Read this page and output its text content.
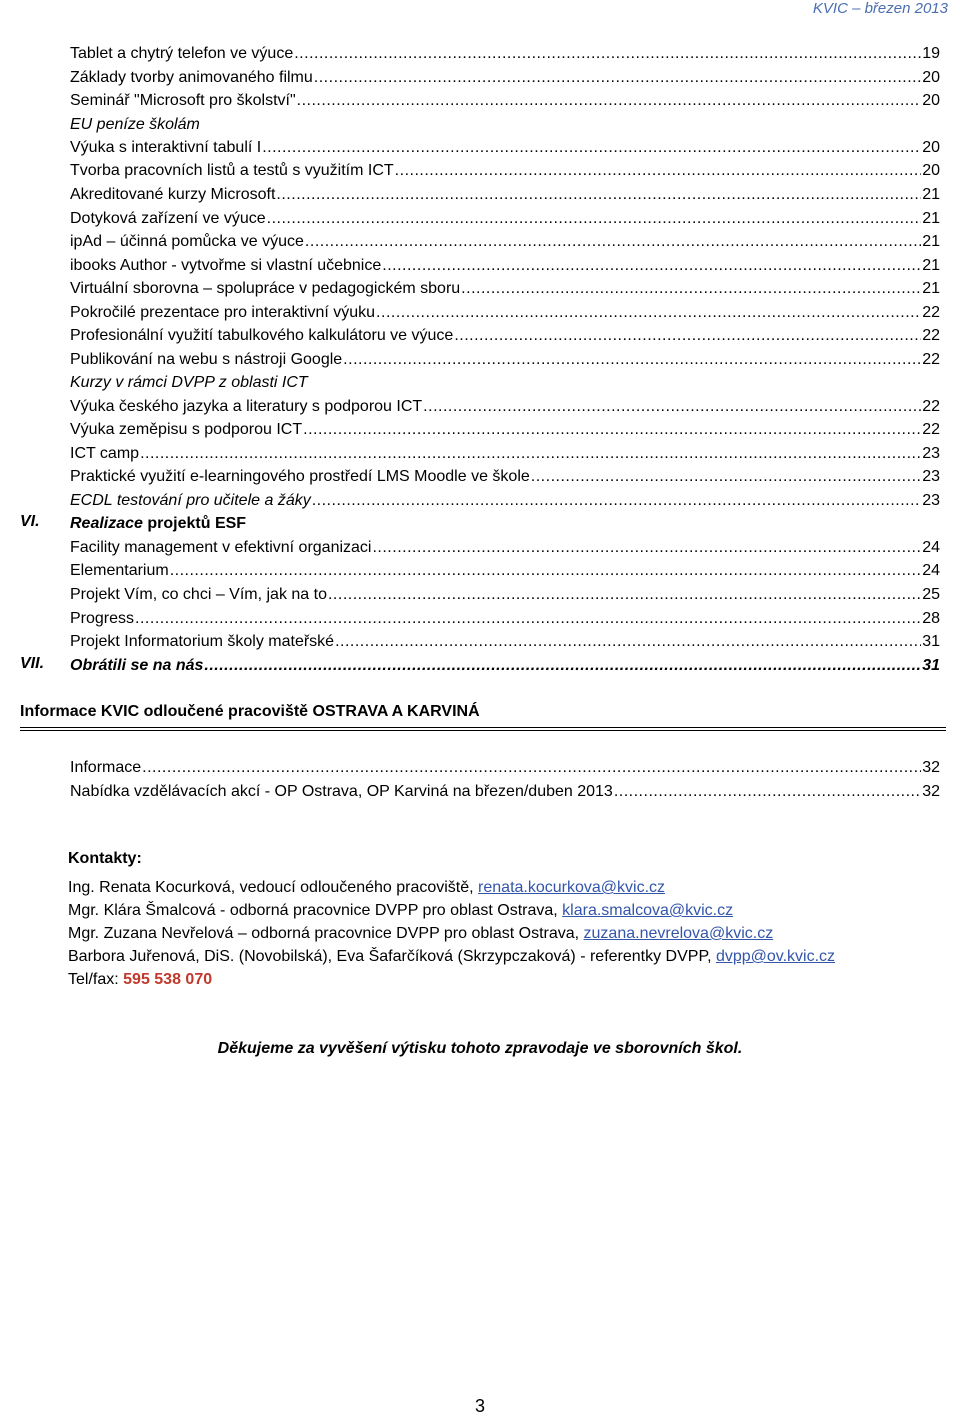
KVIC – březen 2013
Tablet a chytrý telefon ve výuce .....	19
Základy tvorby animovaného filmu .....	20
Seminář "Microsoft pro školství" .....	20
EU peníze školám
Výuka s interaktivní tabulí I .....	20
Tvorba pracovních listů a testů s využitím ICT .....	20
Akreditované kurzy Microsoft .....	21
Dotyková zařízení ve výuce .....	21
ipAd – účinná pomůcka ve výuce .....	21
ibooks Author - vytvořme si vlastní učebnice .....	21
Virtuální sborovna – spolupráce v pedagogickém sboru .....	21
Pokročilé prezentace pro interaktivní výuku .....	22
Profesionální využití tabulkového kalkulátoru ve výuce .....	22
Publikování na webu s nástroji Google .....	22
Kurzy v rámci DVPP z oblasti ICT
Výuka českého jazyka a literatury s podporou ICT .....	22
Výuka zeměpisu s podporou ICT .....	22
ICT camp .....	23
Praktické využití e-learningového prostředí LMS Moodle ve škole .....	23
ECDL testování pro učitele a žáky .....	23
VI. Realizace projektů ESF
Facility management v efektivní organizaci .....	24
Elementarium .....	24
Projekt Vím, co chci – Vím, jak na to .....	25
Progress .....	28
Projekt Informatorium školy mateřské .....	31
VII. Obrátili se na nás .....	31
Informace KVIC odloučené pracoviště OSTRAVA A KARVINÁ
Informace .....	32
Nabídka vzdělávacích akcí - OP Ostrava, OP Karviná na březen/duben 2013 .....	32
Kontakty:
Ing. Renata Kocurková, vedoucí odloučeného pracoviště, renata.kocurkova@kvic.cz
Mgr. Klára Šmalcová - odborná pracovnice DVPP pro oblast Ostrava, klara.smalcova@kvic.cz
Mgr. Zuzana Nevřelová – odborná pracovnice DVPP pro oblast Ostrava, zuzana.nevrelova@kvic.cz
Barbora Juřenová, DiS. (Novobilská), Eva Šafarčíková (Skrzypczaková) - referentky DVPP, dvpp@ov.kvic.cz
Tel/fax: 595 538 070
Děkujeme za vyvěšení výtisku tohoto zpravodaje ve sborovních škol.
3
